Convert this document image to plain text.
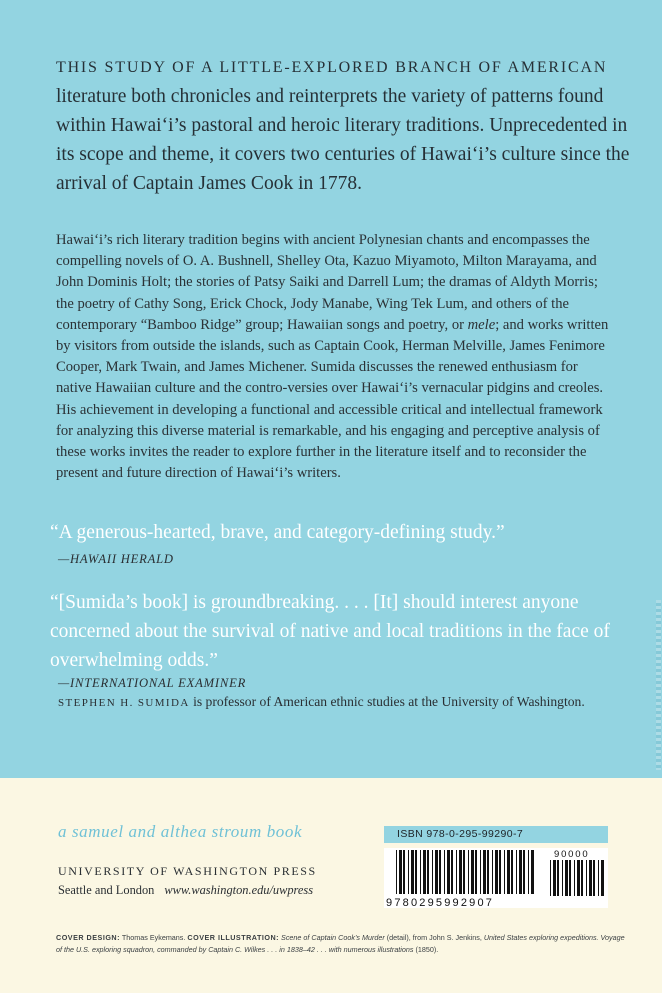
THIS STUDY OF A LITTLE-EXPLORED BRANCH OF AMERICAN literature both chronicles and reinterprets the variety of patterns found within Hawai‘i’s pastoral and heroic literary traditions. Unprecedented in its scope and theme, it covers two centuries of Hawai‘i’s culture since the arrival of Captain James Cook in 1778.

Hawai‘i’s rich literary tradition begins with ancient Polynesian chants and encompasses the compelling novels of O. A. Bushnell, Shelley Ota, Kazuo Miyamoto, Milton Marayama, and John Dominis Holt; the stories of Patsy Saiki and Darrell Lum; the dramas of Aldyth Morris; the poetry of Cathy Song, Erick Chock, Jody Manabe, Wing Tek Lum, and others of the contemporary “Bamboo Ridge” group; Hawaiian songs and poetry, or mele; and works written by visitors from outside the islands, such as Captain Cook, Herman Melville, James Fenimore Cooper, Mark Twain, and James Michener. Sumida discusses the renewed enthusiasm for native Hawaiian culture and the contro-versies over Hawai‘i’s vernacular pidgins and creoles. His achievement in developing a functional and accessible critical and intellectual framework for analyzing this diverse material is remarkable, and his engaging and perceptive analysis of these works invites the reader to explore further in the literature itself and to reconsider the present and future direction of Hawai‘i’s writers.

“A generous-hearted, brave, and category-defining study.”

—HAWAII HERALD

“[Sumida’s book] is groundbreaking. . . . [It] should interest anyone concerned about the survival of native and local traditions in the face of overwhelming odds.”

—INTERNATIONAL EXAMINER

STEPHEN H. SUMIDA is professor of American ethnic studies at the University of Washington.

a samuel and althea stroum book

UNIVERSITY OF WASHINGTON PRESS

Seattle and London www.washington.edu/uwpress

ISBN 978-0-295-99290-7

9780295992907
90000

COVER DESIGN: Thomas Eykemans. COVER ILLUSTRATION: Scene of Captain Cook’s Murder (detail), from John S. Jenkins, United States exploring expeditions. Voyage of the U.S. exploring squadron, commanded by Captain C. Wilkes . . . in 1838–42 . . . with numerous illustrations (1850).
